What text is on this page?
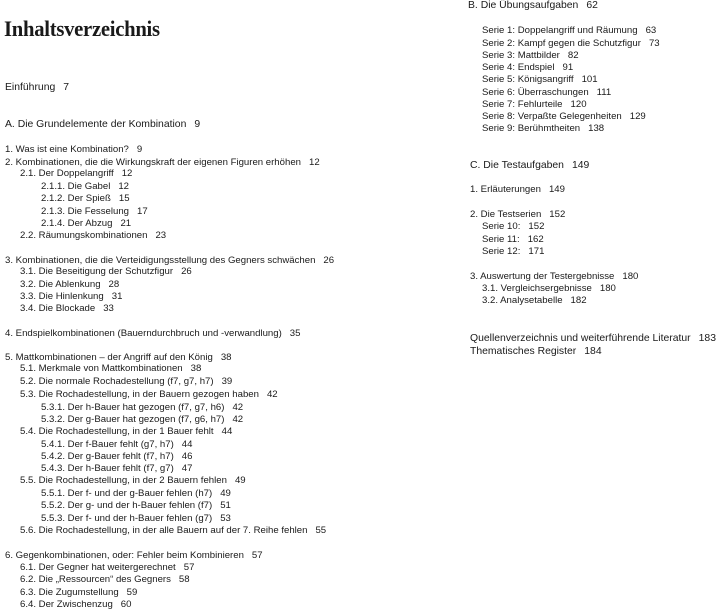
Inhaltsverzeichnis
Einführung 7
A. Die Grundelemente der Kombination 9
1. Was ist eine Kombination? 9
2. Kombinationen, die die Wirkungskraft der eigenen Figuren erhöhen 12
2.1. Der Doppelangriff 12
2.1.1. Die Gabel 12
2.1.2. Der Spieß 15
2.1.3. Die Fesselung 17
2.1.4. Der Abzug 21
2.2. Räumungskombinationen 23
3. Kombinationen, die die Verteidigungsstellung des Gegners schwächen 26
3.1. Die Beseitigung der Schutzfigur 26
3.2. Die Ablenkung 28
3.3. Die Hinlenkung 31
3.4. Die Blockade 33
4. Endspielkombinationen (Bauerndurchbruch und -verwandlung) 35
5. Mattkombinationen – der Angriff auf den König 38
5.1. Merkmale von Mattkombinationen 38
5.2. Die normale Rochadestellung (f7, g7, h7) 39
5.3. Die Rochadestellung, in der Bauern gezogen haben 42
5.3.1. Der h-Bauer hat gezogen (f7, g7, h6) 42
5.3.2. Der g-Bauer hat gezogen (f7, g6, h7) 42
5.4. Die Rochadestellung, in der 1 Bauer fehlt 44
5.4.1. Der f-Bauer fehlt (g7, h7) 44
5.4.2. Der g-Bauer fehlt (f7, h7) 46
5.4.3. Der h-Bauer fehlt (f7, g7) 47
5.5. Die Rochadestellung, in der 2 Bauern fehlen 49
5.5.1. Der f- und der g-Bauer fehlen (h7) 49
5.5.2. Der g- und der h-Bauer fehlen (f7) 51
5.5.3. Der f- und der h-Bauer fehlen (g7) 53
5.6. Die Rochadestellung, in der alle Bauern auf der 7. Reihe fehlen 55
6. Gegenkombinationen, oder: Fehler beim Kombinieren 57
6.1. Der Gegner hat weitergerechnet 57
6.2. Die „Ressourcen“ des Gegners 58
6.3. Die Zugumstellung 59
6.4. Der Zwischenzug 60
B. Die Übungsaufgaben 62
Serie 1: Doppelangriff und Räumung 63
Serie 2: Kampf gegen die Schutzfigur 73
Serie 3: Mattbilder 82
Serie 4: Endspiel 91
Serie 5: Königsangriff 101
Serie 6: Überraschungen 111
Serie 7: Fehlurteile 120
Serie 8: Verpaßte Gelegenheiten 129
Serie 9: Berühmtheiten 138
C. Die Testaufgaben 149
1. Erläuterungen 149
2. Die Testserien 152
Serie 10: 152
Serie 11: 162
Serie 12: 171
3. Auswertung der Testergebnisse 180
3.1. Vergleichsergebnisse 180
3.2. Analysetabelle 182
Quellenverzeichnis und weiterführende Literatur 183
Thematisches Register 184
